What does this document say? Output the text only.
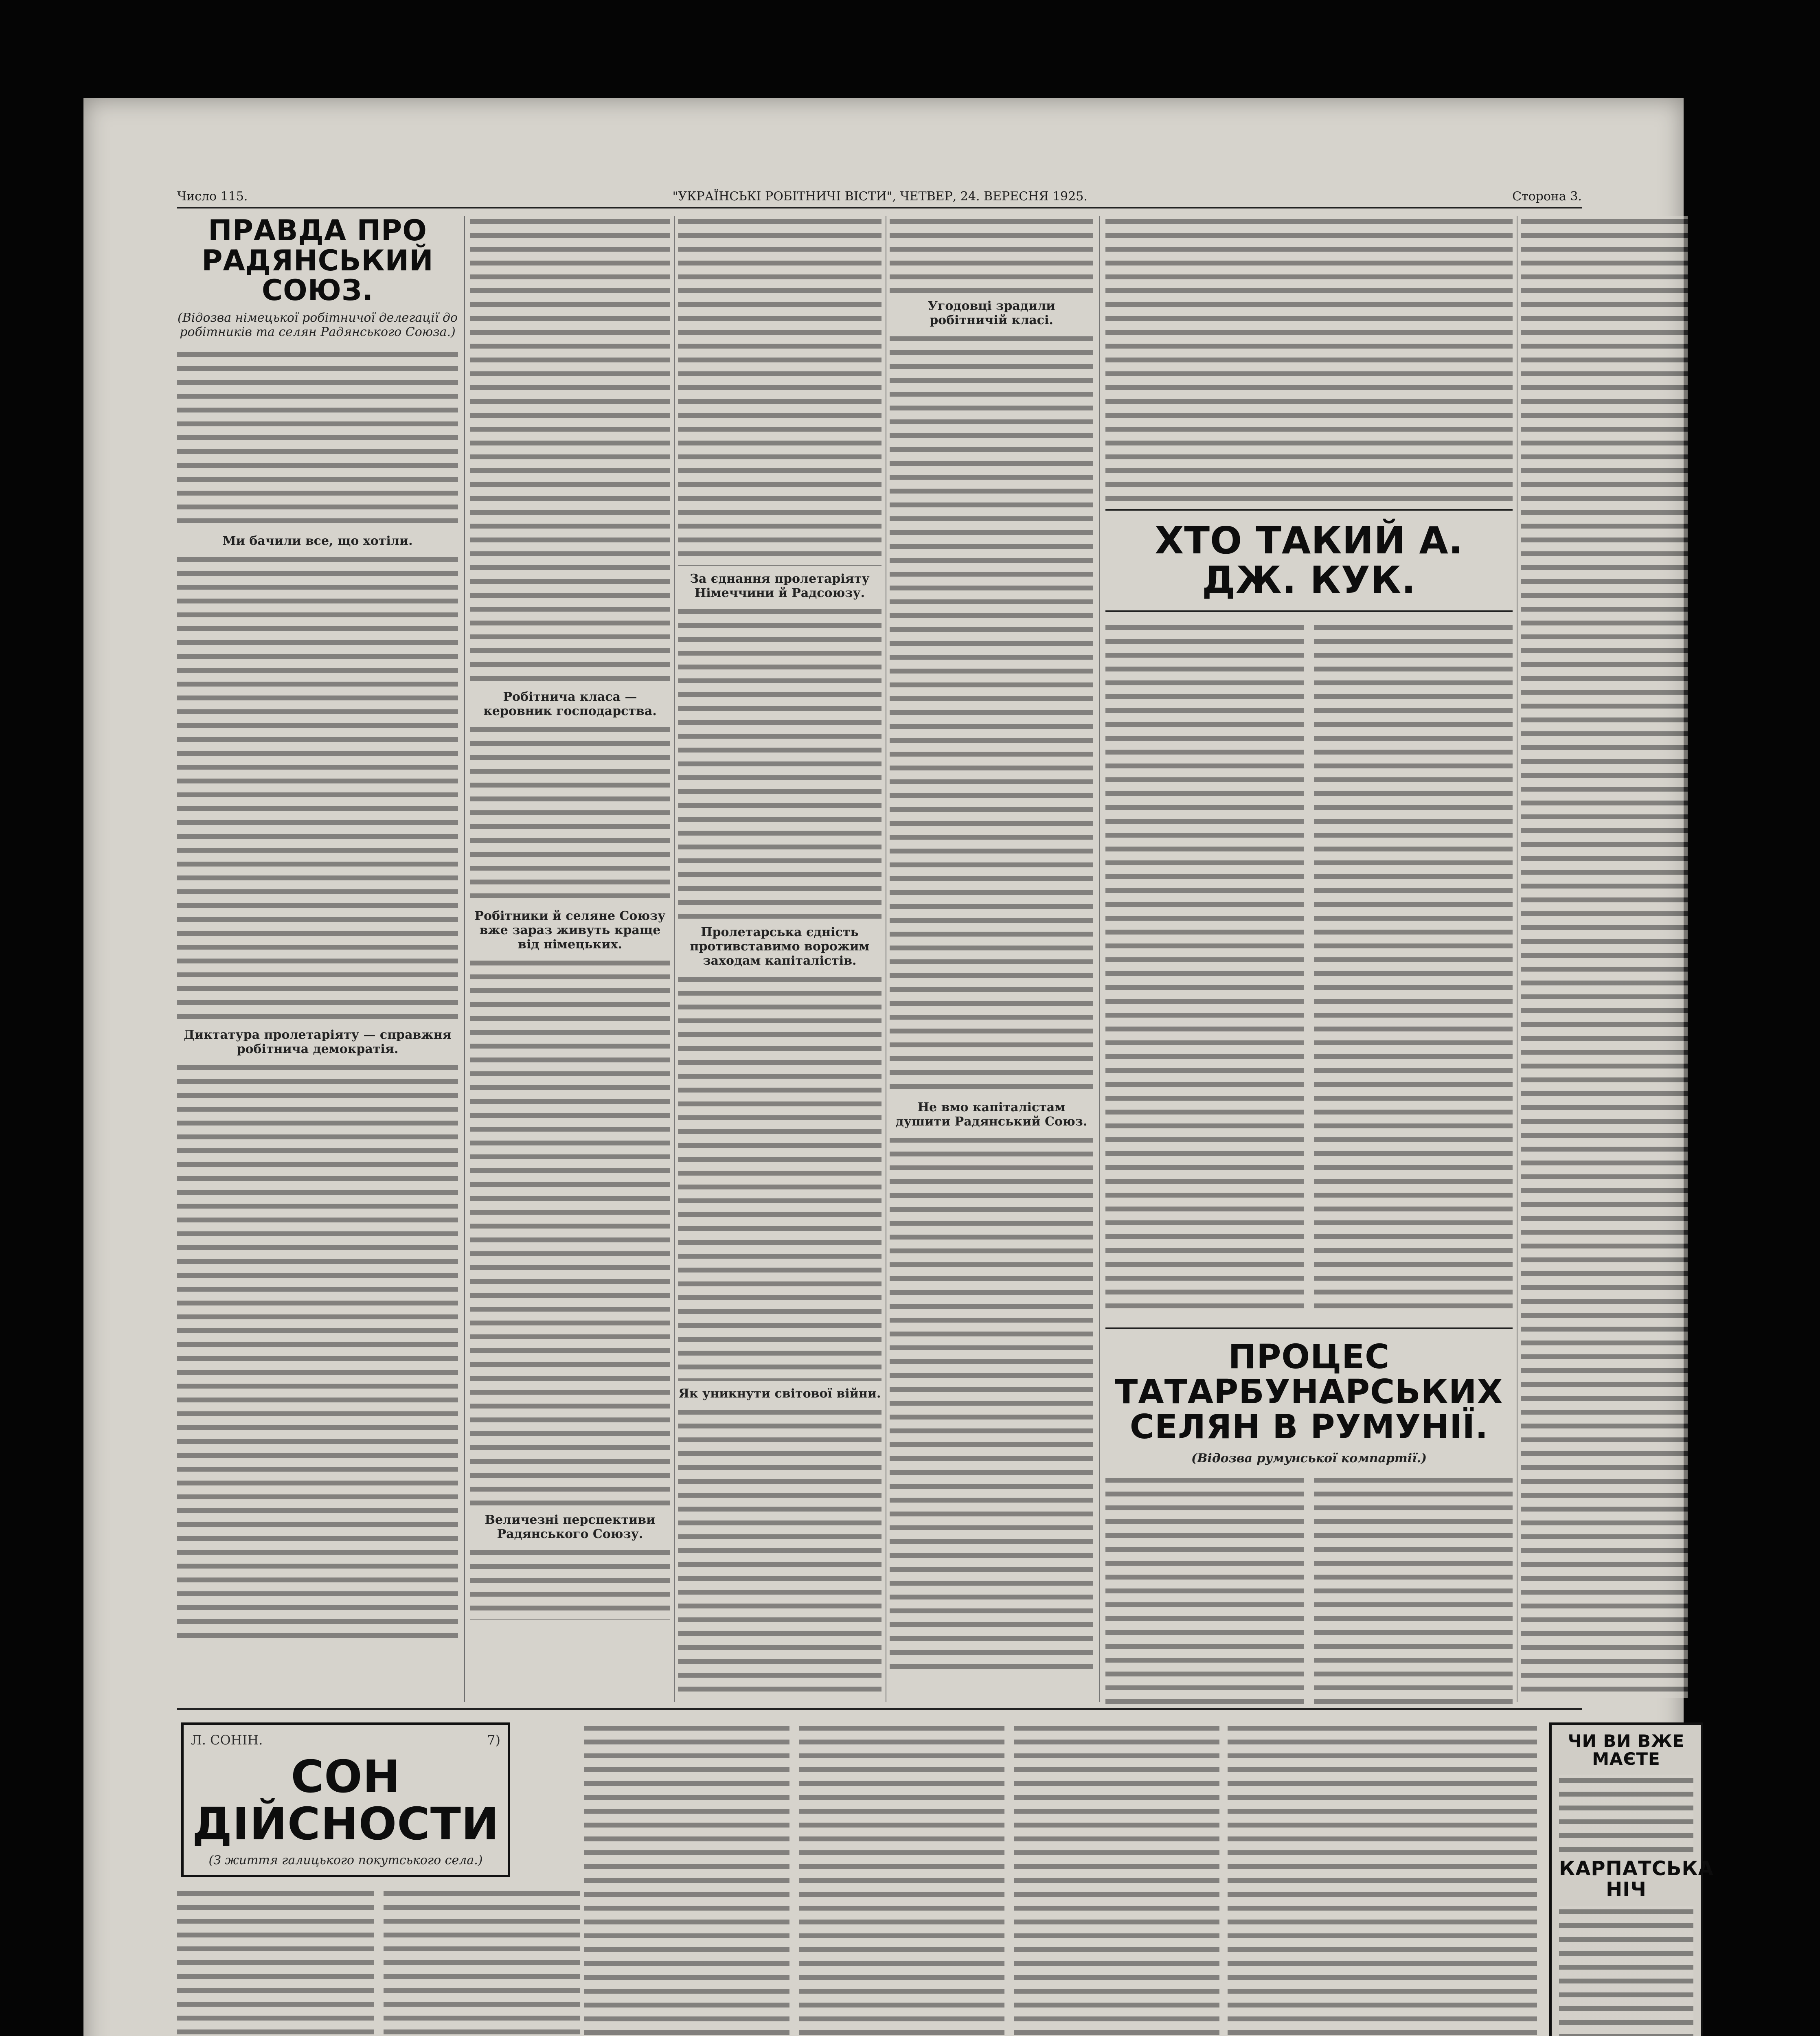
Число 115.	"УКРАЇНСЬКІ РОБІТНИЧІ ВІСТИ", ЧЕТВЕР, 24. ВЕРЕСНЯ 1925.	Сторона 3.
ПРАВДА ПРО РАДЯНСЬКИЙ СОЮЗ.
(Відозва німецької робітничої делегації до робітників та селян Радянського Союза.)
Ми бачили все, що хотіли.
Диктатура пролетаріяту — справжня робітнича демократія.
Робітнича класа — керовник господарства.
Робітники й селяне Союзу вже зараз живуть краще від німецьких.
Величезні перспективи Радянського Союзу.
За єднання пролетаріяту Німеччини й Радсоюзу.
Пролетарська єдність противставимо ворожим заходам капіталістів.
Як уникнути світової війни.
Угодовці зрадили робітничій класі.
Не вмо капіталістам душити Радянський Союз.
ХТО ТАКИЙ А. ДЖ. КУК.
ПРОЦЕС ТАТАРБУНАРСЬКИХ СЕЛЯН В РУМУНІЇ.
(Відозва румунської компартії.)
Л. СОНІН.	7)
СОН ДІЙСНОСТИ
(З життя галицького покутського села.)
ЧИ ВИ ВЖЕ МАЄТЕ
КАРПАТСЬКА НІЧ
